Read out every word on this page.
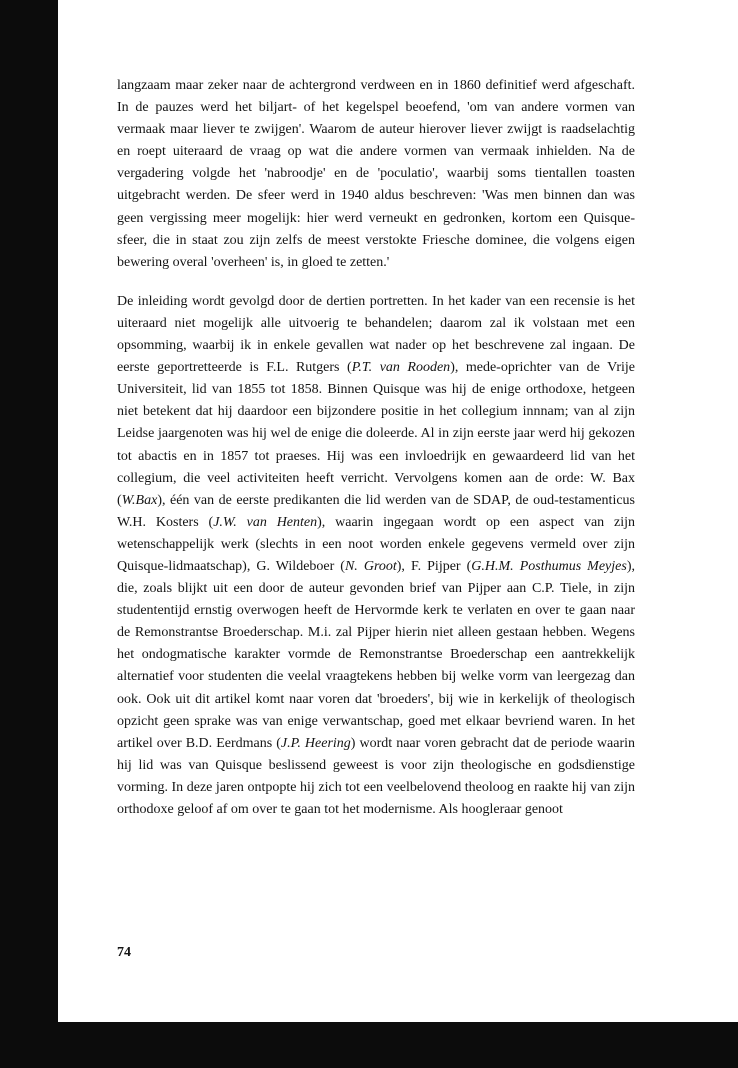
langzaam maar zeker naar de achtergrond verdween en in 1860 definitief werd afgeschaft. In de pauzes werd het biljart- of het kegelspel beoefend, 'om van andere vormen van vermaak maar liever te zwijgen'. Waarom de auteur hierover liever zwijgt is raadselachtig en roept uiteraard de vraag op wat die andere vormen van vermaak inhielden. Na de vergadering volgde het 'nabroodje' en de 'poculatio', waarbij soms tientallen toasten uitgebracht werden. De sfeer werd in 1940 aldus beschreven: 'Was men binnen dan was geen vergissing meer mogelijk: hier werd verneukt en gedronken, kortom een Quisque-sfeer, die in staat zou zijn zelfs de meest verstokte Friesche dominee, die volgens eigen bewering overal 'overheen' is, in gloed te zetten.'

De inleiding wordt gevolgd door de dertien portretten. In het kader van een recensie is het uiteraard niet mogelijk alle uitvoerig te behandelen; daarom zal ik volstaan met een opsomming, waarbij ik in enkele gevallen wat nader op het beschrevene zal ingaan. De eerste geportretteerde is F.L. Rutgers (P.T. van Rooden), mede-oprichter van de Vrije Universiteit, lid van 1855 tot 1858. Binnen Quisque was hij de enige orthodoxe, hetgeen niet betekent dat hij daardoor een bijzondere positie in het collegium innnam; van al zijn Leidse jaargenoten was hij wel de enige die doleerde. Al in zijn eerste jaar werd hij gekozen tot abactis en in 1857 tot praeses. Hij was een invloedrijk en gewaardeerd lid van het collegium, die veel activiteiten heeft verricht. Vervolgens komen aan de orde: W. Bax (W.Bax), één van de eerste predikanten die lid werden van de SDAP, de oud-testamenticus W.H. Kosters (J.W. van Henten), waarin ingegaan wordt op een aspect van zijn wetenschappelijk werk (slechts in een noot worden enkele gegevens vermeld over zijn Quisque-lidmaatschap), G. Wildeboer (N. Groot), F. Pijper (G.H.M. Posthumus Meyjes), die, zoals blijkt uit een door de auteur gevonden brief van Pijper aan C.P. Tiele, in zijn studententijd ernstig overwogen heeft de Hervormde kerk te verlaten en over te gaan naar de Remonstrantse Broederschap. M.i. zal Pijper hierin niet alleen gestaan hebben. Wegens het ondogmatische karakter vormde de Remonstrantse Broederschap een aantrekkelijk alternatief voor studenten die veelal vraagtekens hebben bij welke vorm van leergezag dan ook. Ook uit dit artikel komt naar voren dat 'broeders', bij wie in kerkelijk of theologisch opzicht geen sprake was van enige verwantschap, goed met elkaar bevriend waren. In het artikel over B.D. Eerdmans (J.P. Heering) wordt naar voren gebracht dat de periode waarin hij lid was van Quisque beslissend geweest is voor zijn theologische en godsdienstige vorming. In deze jaren ontpopte hij zich tot een veelbelovend theoloog en raakte hij van zijn orthodoxe geloof af om over te gaan tot het modernisme. Als hoogleraar genoot

74
